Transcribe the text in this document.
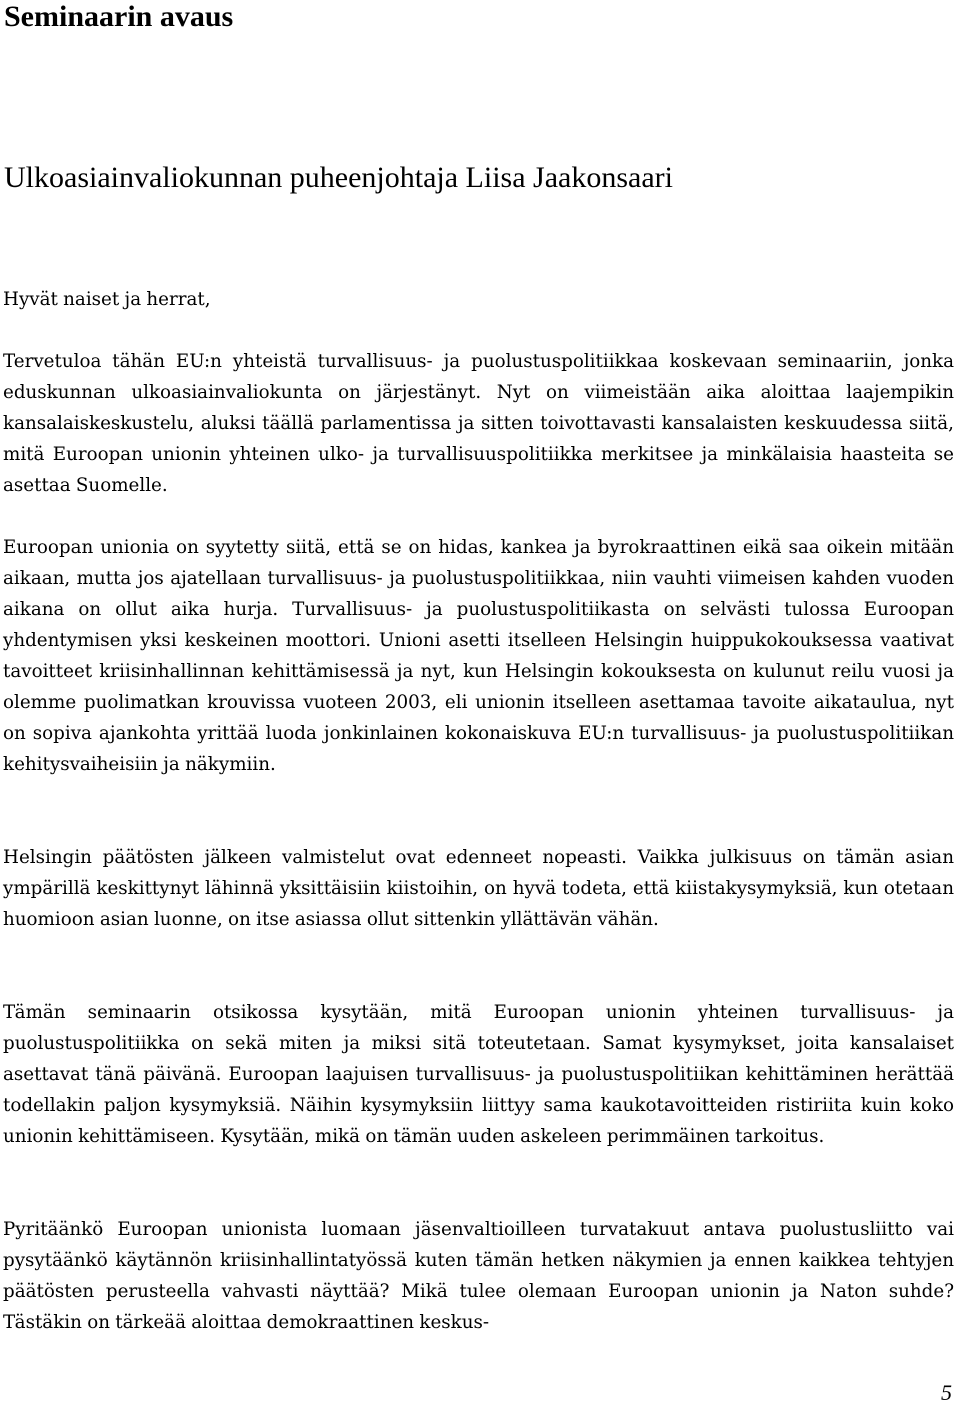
Seminaarin avaus
Ulkoasiainvaliokunnan puheenjohtaja Liisa Jaakonsaari

Hyvät naiset ja herrat,

Tervetuloa tähän EU:n yhteistä turvallisuus- ja puolustuspolitiikkaa koskevaan seminaariin, jonka eduskunnan ulkoasiainvaliokunta on järjestänyt. Nyt on viimeistään aika aloittaa laajempikin kansalaiskeskustelu, aluksi täällä parlamentissa ja sitten toivottavasti kansalaisten keskuudessa siitä, mitä Euroopan unionin yhteinen ulko- ja turvallisuuspolitiikka merkitsee ja minkälaisia haasteita se asettaa Suomelle.

Euroopan unionia on syytetty siitä, että se on hidas, kankea ja byrokraattinen eikä saa oikein mitään aikaan, mutta jos ajatellaan turvallisuus- ja puolustuspolitiikkaa, niin vauhti viimeisen kahden vuoden aikana on ollut aika hurja. Turvallisuus- ja puolustuspolitiikasta on selvästi tulossa Euroopan yhdentymisen yksi keskeinen moottori. Unioni asetti itselleen Helsingin huippukokouksessa vaativat tavoitteet kriisinhallinnan kehittämisessä ja nyt, kun Helsingin kokouksesta on kulunut reilu vuosi ja olemme puolimatkan krouvissa vuoteen 2003, eli unionin itselleen asettamaa tavoite aikataulua, nyt on sopiva ajankohta yrittää luoda jonkinlainen kokonaiskuva EU:n turvallisuus- ja puolustuspolitiikan kehitysvaiheisiin ja näkymiin.

Helsingin päätösten jälkeen valmistelut ovat edenneet nopeasti. Vaikka julkisuus on tämän asian ympärillä keskittynyt lähinnä yksittäisiin kiistoihin, on hyvä todeta, että kiistakysymyksiä, kun otetaan huomioon asian luonne, on itse asiassa ollut sittenkin yllättävän vähän.

Tämän seminaarin otsikossa kysytään, mitä Euroopan unionin yhteinen turvallisuus- ja puolustuspolitiikka on sekä miten ja miksi sitä toteutetaan. Samat kysymykset, joita kansalaiset asettavat tänä päivänä. Euroopan laajuisen turvallisuus- ja puolustuspolitiikan kehittäminen herättää todellakin paljon kysymyksiä. Näihin kysymyksiin liittyy sama kaukotavoitteiden ristiriita kuin koko unionin kehittämiseen. Kysytään, mikä on tämän uuden askeleen perimmäinen tarkoitus.

Pyritäänkö Euroopan unionista luomaan jäsenvaltioilleen turvatakuut antava puolustusliitto vai pysytäänkö käytännön kriisinhallintatyössä kuten tämän hetken näkymien ja ennen kaikkea tehtyjen päätösten perusteella vahvasti näyttää? Mikä tulee olemaan Euroopan unionin ja Naton suhde? Tästäkin on tärkeää aloittaa demokraattinen keskus-

5
